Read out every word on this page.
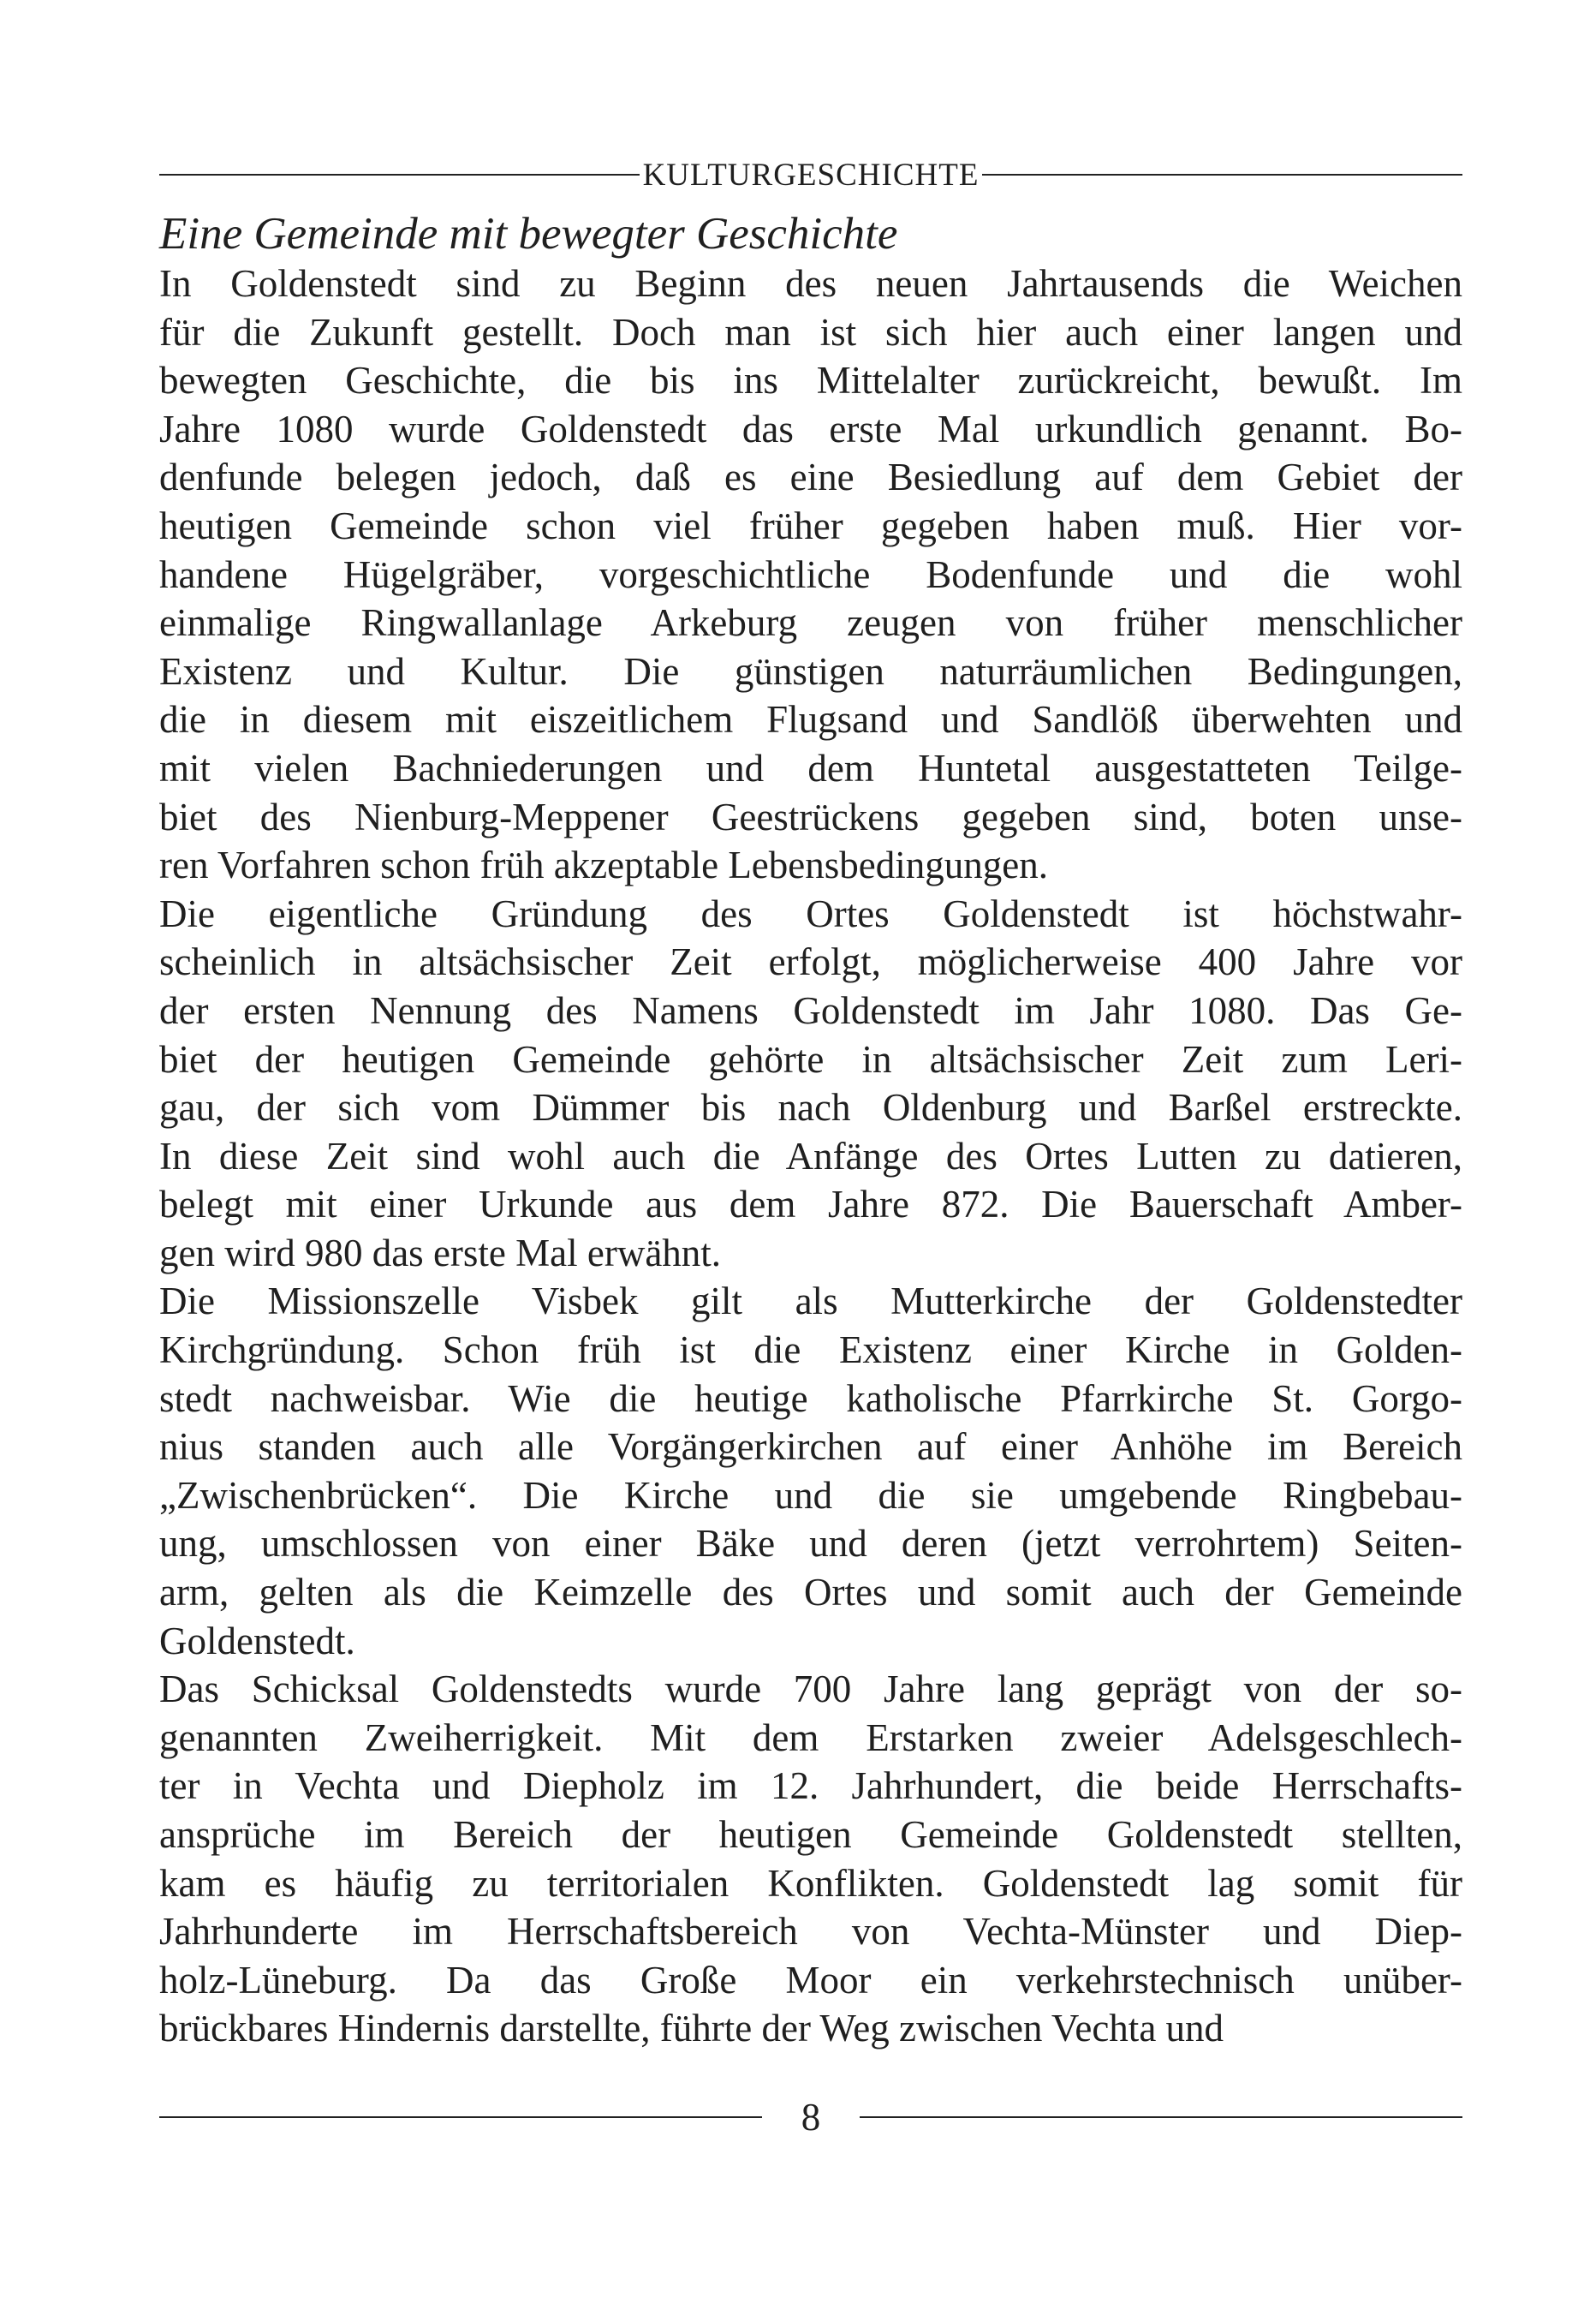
KULTURGESCHICHTE
Eine Gemeinde mit bewegter Geschichte
In Goldenstedt sind zu Beginn des neuen Jahrtausends die Weichen
für die Zukunft gestellt. Doch man ist sich hier auch einer langen und
bewegten Geschichte, die bis ins Mittelalter zurückreicht, bewußt. Im
Jahre 1080 wurde Goldenstedt das erste Mal urkundlich genannt. Bo-
denfunde belegen jedoch, daß es eine Besiedlung auf dem Gebiet der
heutigen Gemeinde schon viel früher gegeben haben muß. Hier vor-
handene Hügelgräber, vorgeschichtliche Bodenfunde und die wohl
einmalige Ringwallanlage Arkeburg zeugen von früher menschlicher
Existenz und Kultur. Die günstigen naturräumlichen Bedingungen,
die in diesem mit eiszeitlichem Flugsand und Sandlöß überwehten und
mit vielen Bachniederungen und dem Huntetal ausgestatteten Teilge-
biet des Nienburg-Meppener Geestrückens gegeben sind, boten unse-
ren Vorfahren schon früh akzeptable Lebensbedingungen.
Die eigentliche Gründung des Ortes Goldenstedt ist höchstwahr-
scheinlich in altsächsischer Zeit erfolgt, möglicherweise 400 Jahre vor
der ersten Nennung des Namens Goldenstedt im Jahr 1080. Das Ge-
biet der heutigen Gemeinde gehörte in altsächsischer Zeit zum Leri-
gau, der sich vom Dümmer bis nach Oldenburg und Barßel erstreckte.
In diese Zeit sind wohl auch die Anfänge des Ortes Lutten zu datieren,
belegt mit einer Urkunde aus dem Jahre 872. Die Bauerschaft Amber-
gen wird 980 das erste Mal erwähnt.
Die Missionszelle Visbek gilt als Mutterkirche der Goldenstedter
Kirchgründung. Schon früh ist die Existenz einer Kirche in Golden-
stedt nachweisbar. Wie die heutige katholische Pfarrkirche St. Gorgo-
nius standen auch alle Vorgängerkirchen auf einer Anhöhe im Bereich
„Zwischenbrücken“. Die Kirche und die sie umgebende Ringbebau-
ung, umschlossen von einer Bäke und deren (jetzt verrohrtem) Seiten-
arm, gelten als die Keimzelle des Ortes und somit auch der Gemeinde
Goldenstedt.
Das Schicksal Goldenstedts wurde 700 Jahre lang geprägt von der so-
genannten Zweiherrigkeit. Mit dem Erstarken zweier Adelsgeschlech-
ter in Vechta und Diepholz im 12. Jahrhundert, die beide Herrschafts-
ansprüche im Bereich der heutigen Gemeinde Goldenstedt stellten,
kam es häufig zu territorialen Konflikten. Goldenstedt lag somit für
Jahrhunderte im Herrschaftsbereich von Vechta-Münster und Diep-
holz-Lüneburg. Da das Große Moor ein verkehrstechnisch unüber-
brückbares Hindernis darstellte, führte der Weg zwischen Vechta und
8
